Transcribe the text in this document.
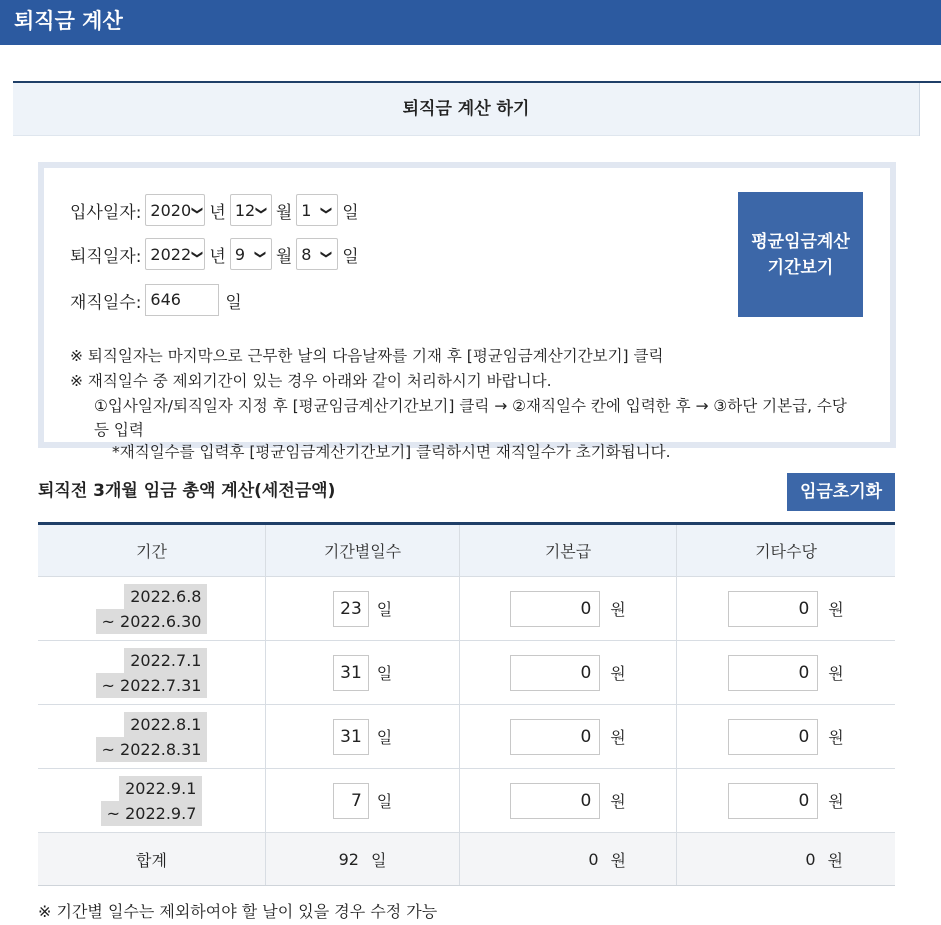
퇴직금 계산
퇴직금 계산 하기
입사일자: 2020 ❯ 년 12 ❯ 월 1 ❯ 일
퇴직일자: 2022 ❯ 년 9 ❯ 월 8 ❯ 일
재직일수: 646	일
평균임금계산
기간보기
※ 퇴직일자는 마지막으로 근무한 날의 다음날짜를 기재 후 [평균임금계산기간보기] 클릭
※ 재직일수 중 제외기간이 있는 경우 아래와 같이 처리하시기 바랍니다.
①입사일자/퇴직일자 지정 후 [평균임금계산기간보기] 클릭 → ②재직일수 칸에 입력한 후 → ③하단 기본급, 수당
등 입력
*재직일수를 입력후 [평균임금계산기간보기] 클릭하시면 재직일수가 초기화됩니다.
퇴직전 3개월 임금 총액 계산(세전금액)	임금초기화
기간	기간별일수	기본급	기타수당
2022.6.8
~ 2022.6.30
23 일	0	원	0	원
2022.7.1
~ 2022.7.31
31 일	0	원	0	원
2022.8.1
~ 2022.8.31
31 일	0	원	0	원
2022.9.1
~ 2022.9.7
7 일	0	원	0	원
합계	92 일	0 원	0 원
※ 기간별 일수는 제외하여야 할 날이 있을 경우 수정 가능
